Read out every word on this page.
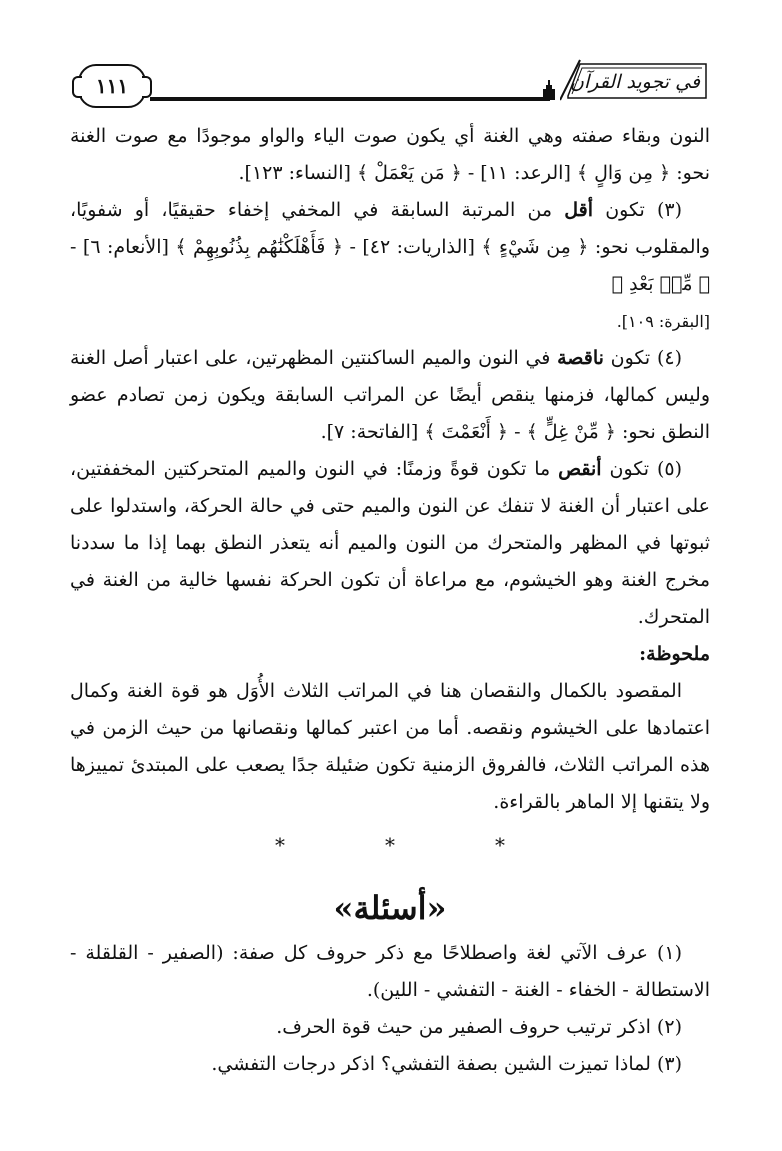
١١١	في تجويد القرآن

النون وبقاء صفته وهي الغنة أي يكون صوت الياء والواو موجودًا مع صوت الغنة نحو: ﴿ مِن وَالٍ ﴾ [الرعد: ١١] - ﴿ مَن يَعْمَلْ ﴾ [النساء: ١٢٣].

(٣) تكون أقل من المرتبة السابقة في المخفي إخفاء حقيقيًا، أو شفويًا، والمقلوب نحو: ﴿ مِن شَيْءٍ ﴾ [الذاريات: ٤٢] - ﴿ فَأَهْلَكْنَٰهُم بِذُنُوبِهِمْ ﴾ [الأنعام: ٦] - ﴿ مِّنۢ بَعْدِ ﴾

[البقرة: ١٠٩].

(٤) تكون ناقصة في النون والميم الساكنتين المظهرتين، على اعتبار أصل الغنة وليس كمالها، فزمنها ينقص أيضًا عن المراتب السابقة ويكون زمن تصادم عضو النطق نحو: ﴿ مِّنْ غِلٍّ ﴾ - ﴿ أَنْعَمْتَ ﴾ [الفاتحة: ٧].

(٥) تكون أنقص ما تكون قوةً وزمنًا: في النون والميم المتحركتين المخففتين، على اعتبار أن الغنة لا تنفك عن النون والميم حتى في حالة الحركة، واستدلوا على ثبوتها في المظهر والمتحرك من النون والميم أنه يتعذر النطق بهما إذا ما سددنا مخرج الغنة وهو الخيشوم، مع مراعاة أن تكون الحركة نفسها خالية من الغنة في المتحرك.

ملحوظة:

المقصود بالكمال والنقصان هنا في المراتب الثلاث الأُوَل هو قوة الغنة وكمال اعتمادها على الخيشوم ونقصه. أما من اعتبر كمالها ونقصانها من حيث الزمن في هذه المراتب الثلاث، فالفروق الزمنية تكون ضئيلة جدًا يصعب على المبتدئ تمييزها ولا يتقنها إلا الماهر بالقراءة.

*	*	*
«أسئلة»

(١) عرف الآتي لغة واصطلاحًا مع ذكر حروف كل صفة: (الصفير - القلقلة - الاستطالة - الخفاء - الغنة - التفشي - اللين).

(٢) اذكر ترتيب حروف الصفير من حيث قوة الحرف.

(٣) لماذا تميزت الشين بصفة التفشي؟ اذكر درجات التفشي.
